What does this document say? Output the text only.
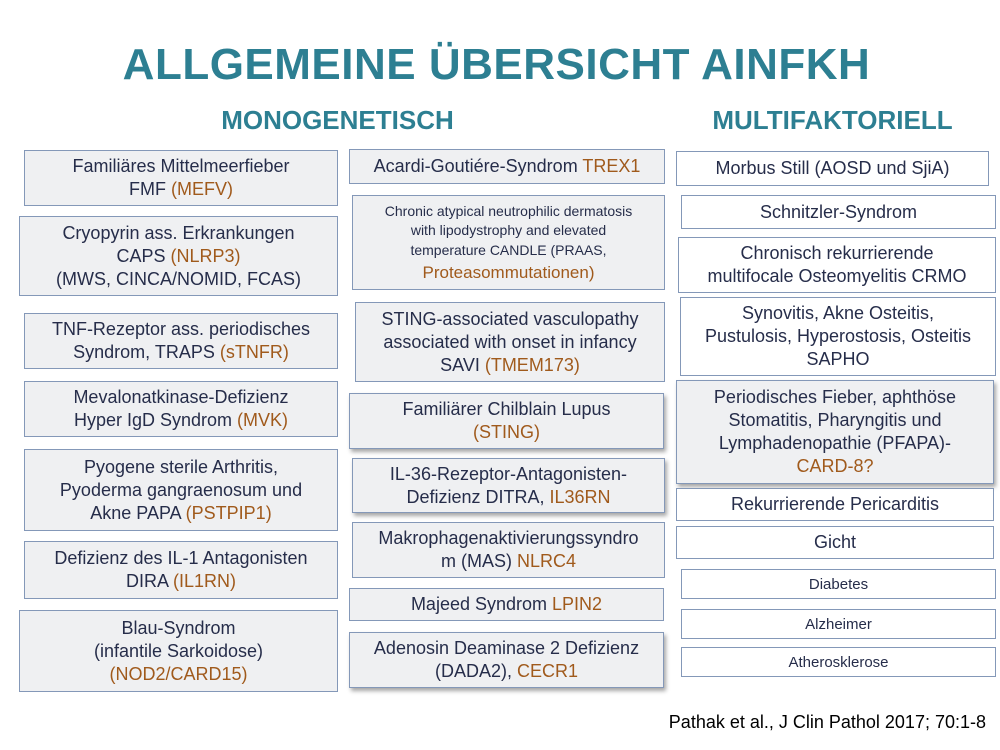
ALLGEMEINE ÜBERSICHT AINFKH
MONOGENETISCH	MULTIFAKTORIELL
Familiäres Mittelmeerfieber
FMF (MEFV)
Cryopyrin ass. Erkrankungen
CAPS (NLRP3)
(MWS, CINCA/NOMID, FCAS)
TNF-Rezeptor ass. periodisches
Syndrom, TRAPS (sTNFR)
Mevalonatkinase-Defizienz
Hyper IgD Syndrom (MVK)
Pyogene sterile Arthritis,
Pyoderma gangraenosum und
Akne PAPA (PSTPIP1)
Defizienz des IL-1 Antagonisten
DIRA (IL1RN)
Blau-Syndrom
(infantile Sarkoidose)
(NOD2/CARD15)
Acardi-Goutiére-Syndrom TREX1
Chronic atypical neutrophilic dermatosis
with lipodystrophy and elevated
temperature CANDLE (PRAAS,
Proteasommutationen)
STING-associated vasculopathy
associated with onset in infancy
SAVI (TMEM173)
Familiärer Chilblain Lupus
(STING)
IL-36-Rezeptor-Antagonisten-
Defizienz DITRA, IL36RN
Makrophagenaktivierungssyndro
m (MAS) NLRC4
Majeed Syndrom LPIN2
Adenosin Deaminase 2 Defizienz
(DADA2), CECR1
Morbus Still (AOSD und SjiA)
Schnitzler-Syndrom
Chronisch rekurrierende
multifocale Osteomyelitis CRMO
Synovitis, Akne Osteitis,
Pustulosis, Hyperostosis, Osteitis
SAPHO
Periodisches Fieber, aphthöse
Stomatitis, Pharyngitis und
Lymphadenopathie (PFAPA)-
CARD-8?
Rekurrierende Pericarditis
Gicht
Diabetes
Alzheimer
Atherosklerose
Pathak et al., J Clin Pathol 2017; 70:1-8
